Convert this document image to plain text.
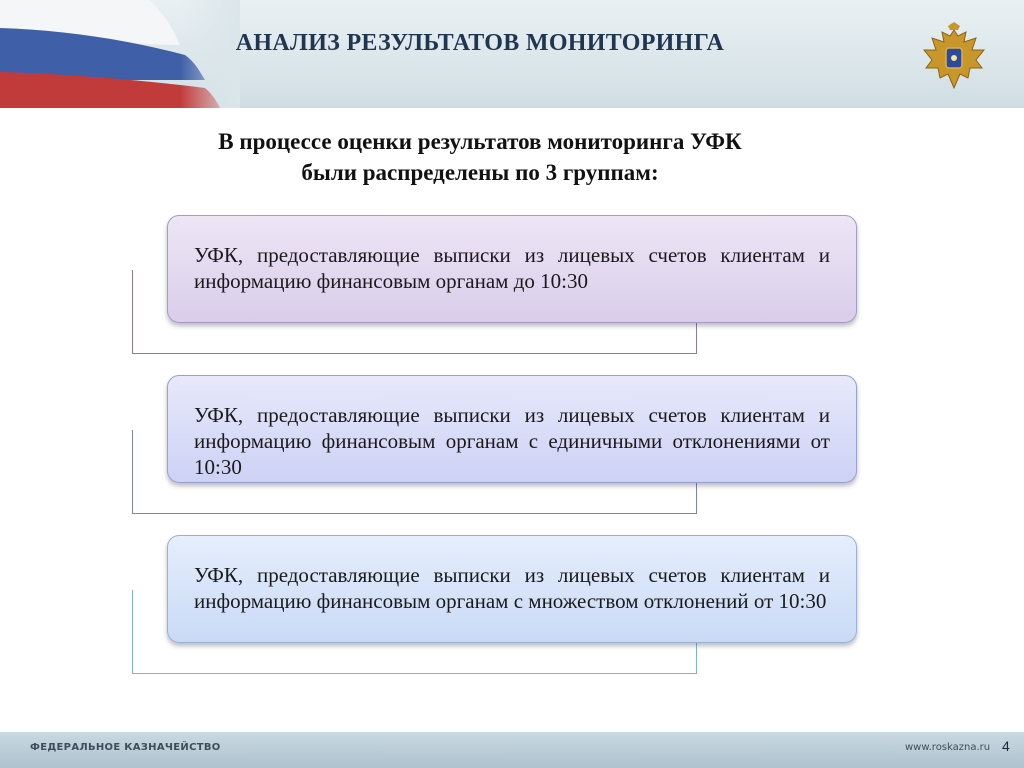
АНАЛИЗ РЕЗУЛЬТАТОВ МОНИТОРИНГА
В процессе оценки результатов мониторинга УФК
были распределены по 3 группам:
УФК, предоставляющие выписки из лицевых счетов клиентам и информацию финансовым органам до 10:30
УФК, предоставляющие выписки из лицевых счетов клиентам и информацию финансовым органам с единичными отклонениями от 10:30
УФК, предоставляющие выписки из лицевых счетов клиентам и информацию финансовым органам с множеством отклонений от 10:30
ФЕДЕРАЛЬНОЕ КАЗНАЧЕЙСТВО	www.roskazna.ru 4
